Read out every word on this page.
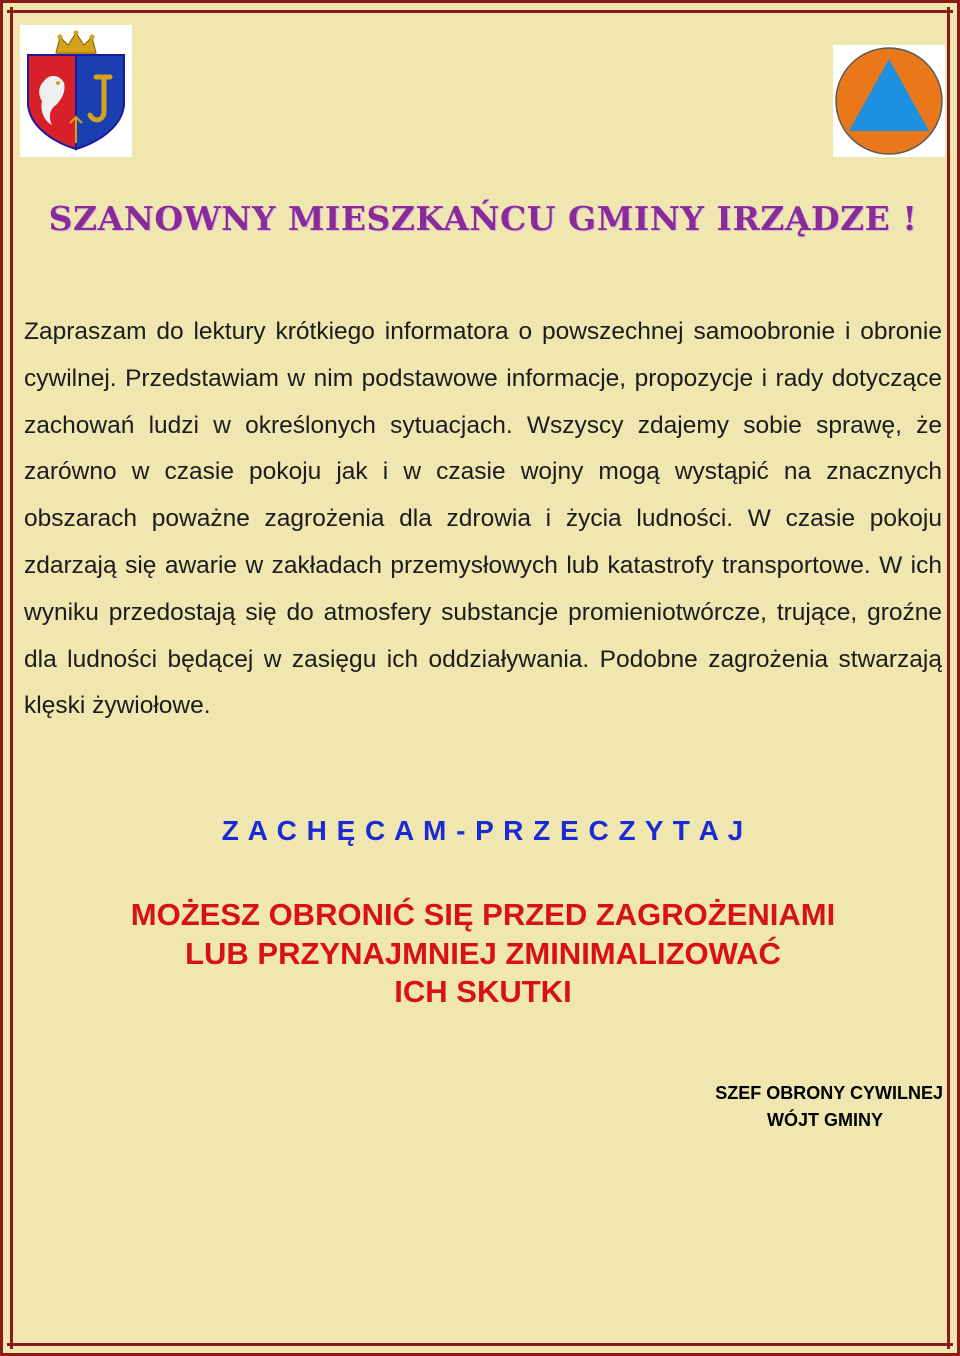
SZANOWNY MIESZKAŃCU GMINY IRZĄDZE !

Zapraszam do lektury krótkiego informatora o powszechnej samoobronie i obronie cywilnej. Przedstawiam w nim podstawowe informacje, propozycje i rady dotyczące zachowań ludzi w określonych sytuacjach. Wszyscy zdajemy sobie sprawę, że zarówno w czasie pokoju jak i w czasie wojny mogą wystąpić na znacznych obszarach poważne zagrożenia dla zdrowia i życia ludności. W czasie pokoju zdarzają się awarie w zakładach przemysłowych lub katastrofy transportowe. W ich wyniku przedostają się do atmosfery substancje promieniotwórcze, trujące, groźne dla ludności będącej w zasięgu ich oddziaływania. Podobne zagrożenia stwarzają klęski żywiołowe.

Z A C H Ę C A M - P R Z E C Z Y T A J
MOŻESZ OBRONIĆ SIĘ PRZED ZAGROŻENIAMI
LUB PRZYNAJMNIEJ ZMINIMALIZOWAĆ
ICH SKUTKI
SZEF OBRONY CYWILNEJ
WÓJT GMINY
